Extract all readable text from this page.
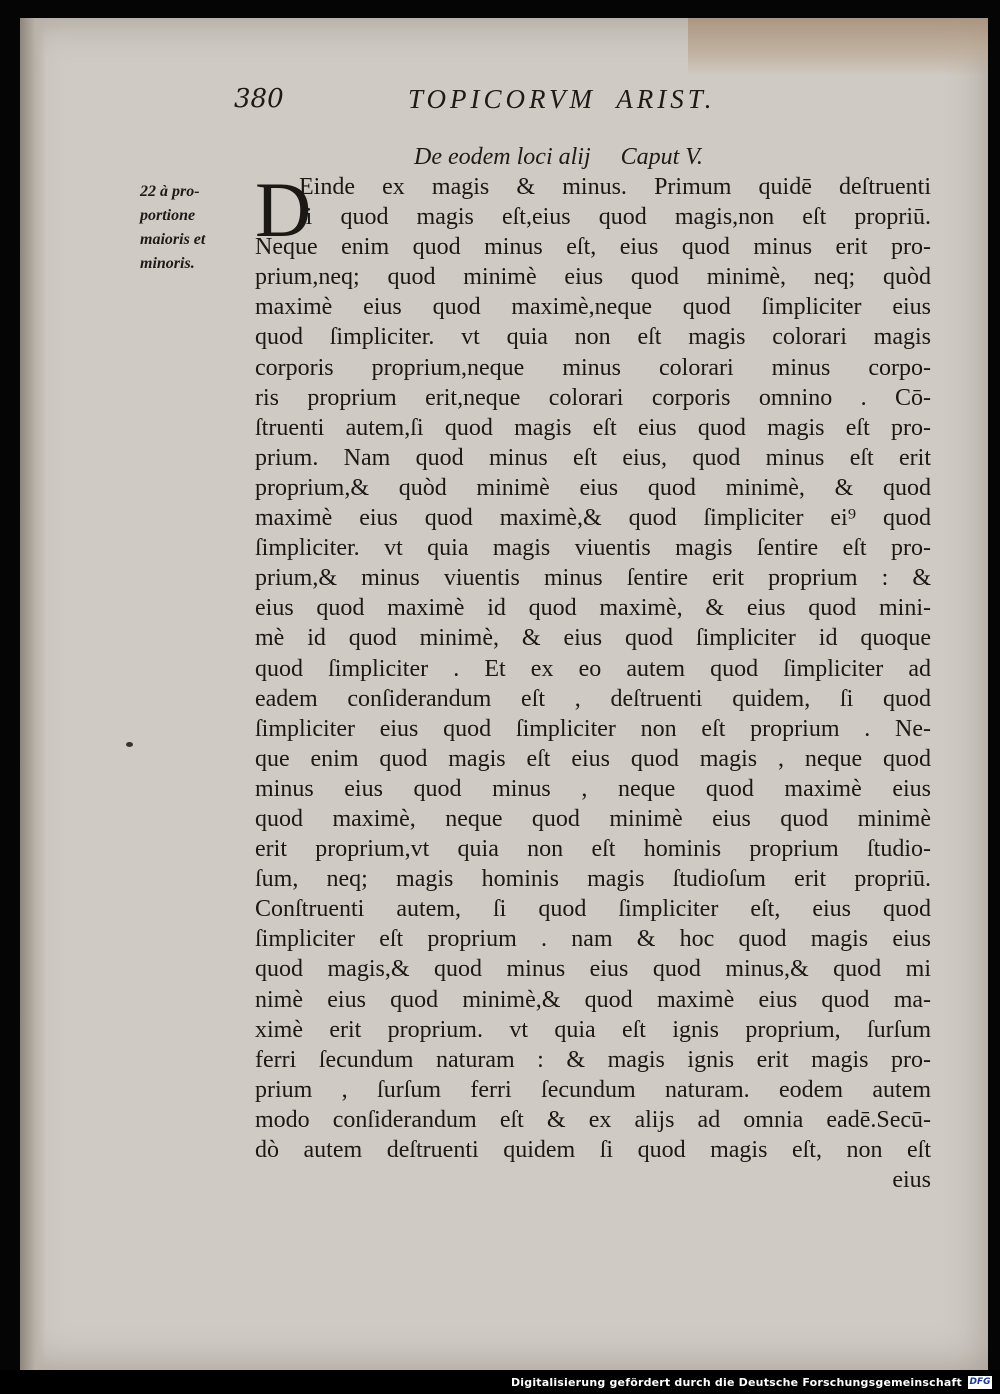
380	TOPICORVM ARIST.
De eodem loci alij Caput V.
22 à pro-
portione
maioris et
minoris.
D
Einde ex magis & minus. Primum quidē deſtruenti
ſi quod magis eſt,eius quod magis,non eſt propriū.
Neque enim quod minus eſt, eius quod minus erit pro-
prium,neq; quod minimè eius quod minimè, neq; quòd
maximè eius quod maximè,neque quod ſimpliciter eius
quod ſimpliciter. vt quia non eſt magis colorari magis
corporis proprium,neque minus colorari minus corpo-
ris proprium erit,neque colorari corporis omnino . Cō-
ſtruenti autem,ſi quod magis eſt eius quod magis eſt pro-
prium. Nam quod minus eſt eius, quod minus eſt erit
proprium,& quòd minimè eius quod minimè, & quod
maximè eius quod maximè,& quod ſimpliciter ei⁹ quod
ſimpliciter. vt quia magis viuentis magis ſentire eſt pro-
prium,& minus viuentis minus ſentire erit proprium : &
eius quod maximè id quod maximè, & eius quod mini-
mè id quod minimè, & eius quod ſimpliciter id quoque
quod ſimpliciter . Et ex eo autem quod ſimpliciter ad
eadem conſiderandum eſt , deſtruenti quidem, ſi quod
ſimpliciter eius quod ſimpliciter non eſt proprium . Ne-
que enim quod magis eſt eius quod magis , neque quod
minus eius quod minus , neque quod maximè eius
quod maximè, neque quod minimè eius quod minimè
erit proprium,vt quia non eſt hominis proprium ſtudio-
ſum, neq; magis hominis magis ſtudioſum erit propriū.
Conſtruenti autem, ſi quod ſimpliciter eſt, eius quod
ſimpliciter eſt proprium . nam & hoc quod magis eius
quod magis,& quod minus eius quod minus,& quod mi
nimè eius quod minimè,& quod maximè eius quod ma-
ximè erit proprium. vt quia eſt ignis proprium, ſurſum
ferri ſecundum naturam : & magis ignis erit magis pro-
prium , ſurſum ferri ſecundum naturam. eodem autem
modo conſiderandum eſt & ex alijs ad omnia eadē.Secū-
dò autem deſtruenti quidem ſi quod magis eſt, non eſt
eius
Digitalisierung gefördert durch die Deutsche Forschungsgemeinschaft DFG
